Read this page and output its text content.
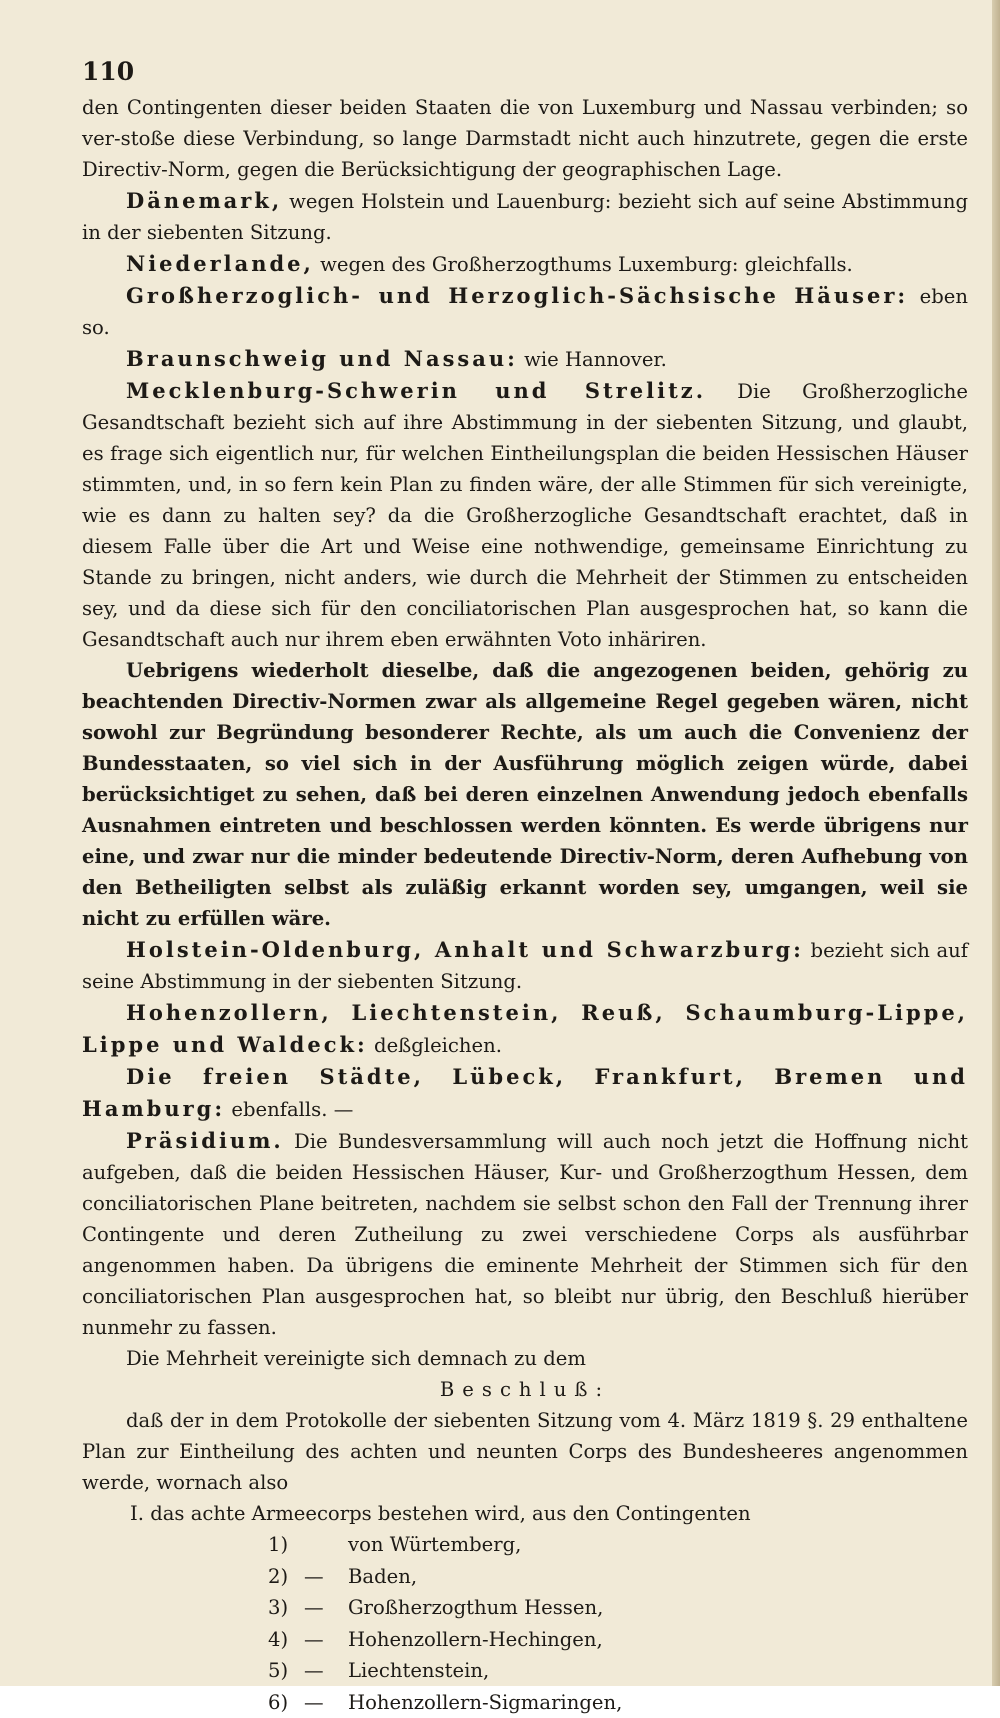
110

den Contingenten dieser beiden Staaten die von Luxemburg und Nassau verbinden; so ver-stoße diese Verbindung, so lange Darmstadt nicht auch hinzutrete, gegen die erste Directiv-Norm, gegen die Berücksichtigung der geographischen Lage.

Dänemark, wegen Holstein und Lauenburg: bezieht sich auf seine Abstimmung in der siebenten Sitzung.

Niederlande, wegen des Großherzogthums Luxemburg: gleichfalls.

Großherzoglich- und Herzoglich-Sächsische Häuser: eben so.

Braunschweig und Nassau: wie Hannover.

Mecklenburg-Schwerin und Strelitz. Die Großherzogliche Gesandtschaft bezieht sich auf ihre Abstimmung in der siebenten Sitzung, und glaubt, es frage sich eigentlich nur, für welchen Eintheilungsplan die beiden Hessischen Häuser stimmten, und, in so fern kein Plan zu finden wäre, der alle Stimmen für sich vereinigte, wie es dann zu halten sey? da die Großherzogliche Gesandtschaft erachtet, daß in diesem Falle über die Art und Weise eine nothwendige, gemeinsame Einrichtung zu Stande zu bringen, nicht anders, wie durch die Mehrheit der Stimmen zu entscheiden sey, und da diese sich für den conciliatorischen Plan ausgesprochen hat, so kann die Gesandtschaft auch nur ihrem eben erwähnten Voto inhäriren.

Uebrigens wiederholt dieselbe, daß die angezogenen beiden, gehörig zu beachtenden Directiv-Normen zwar als allgemeine Regel gegeben wären, nicht sowohl zur Begründung besonderer Rechte, als um auch die Convenienz der Bundesstaaten, so viel sich in der Ausführung möglich zeigen würde, dabei berücksichtiget zu sehen, daß bei deren einzelnen Anwendung jedoch ebenfalls Ausnahmen eintreten und beschlossen werden könnten. Es werde übrigens nur eine, und zwar nur die minder bedeutende Directiv-Norm, deren Aufhebung von den Betheiligten selbst als zuläßig erkannt worden sey, umgangen, weil sie nicht zu erfüllen wäre.

Holstein-Oldenburg, Anhalt und Schwarzburg: bezieht sich auf seine Abstimmung in der siebenten Sitzung.

Hohenzollern, Liechtenstein, Reuß, Schaumburg-Lippe, Lippe und Waldeck: deßgleichen.

Die freien Städte, Lübeck, Frankfurt, Bremen und Hamburg: ebenfalls. —

Präsidium. Die Bundesversammlung will auch noch jetzt die Hoffnung nicht aufgeben, daß die beiden Hessischen Häuser, Kur- und Großherzogthum Hessen, dem conciliatorischen Plane beitreten, nachdem sie selbst schon den Fall der Trennung ihrer Contingente und deren Zutheilung zu zwei verschiedene Corps als ausführbar angenommen haben. Da übrigens die eminente Mehrheit der Stimmen sich für den conciliatorischen Plan ausgesprochen hat, so bleibt nur übrig, den Beschluß hierüber nunmehr zu fassen.

Die Mehrheit vereinigte sich demnach zu dem

Beschluß:

daß der in dem Protokolle der siebenten Sitzung vom 4. März 1819 §. 29 enthaltene Plan zur Eintheilung des achten und neunten Corps des Bundesheeres angenommen werde, wornach also

I. das achte Armeecorps bestehen wird, aus den Contingenten

1)	von Würtemberg,
2) —	Baden,
3) —	Großherzogthum Hessen,
4) —	Hohenzollern-Hechingen,
5) —	Liechtenstein,
6) —	Hohenzollern-Sigmaringen,
